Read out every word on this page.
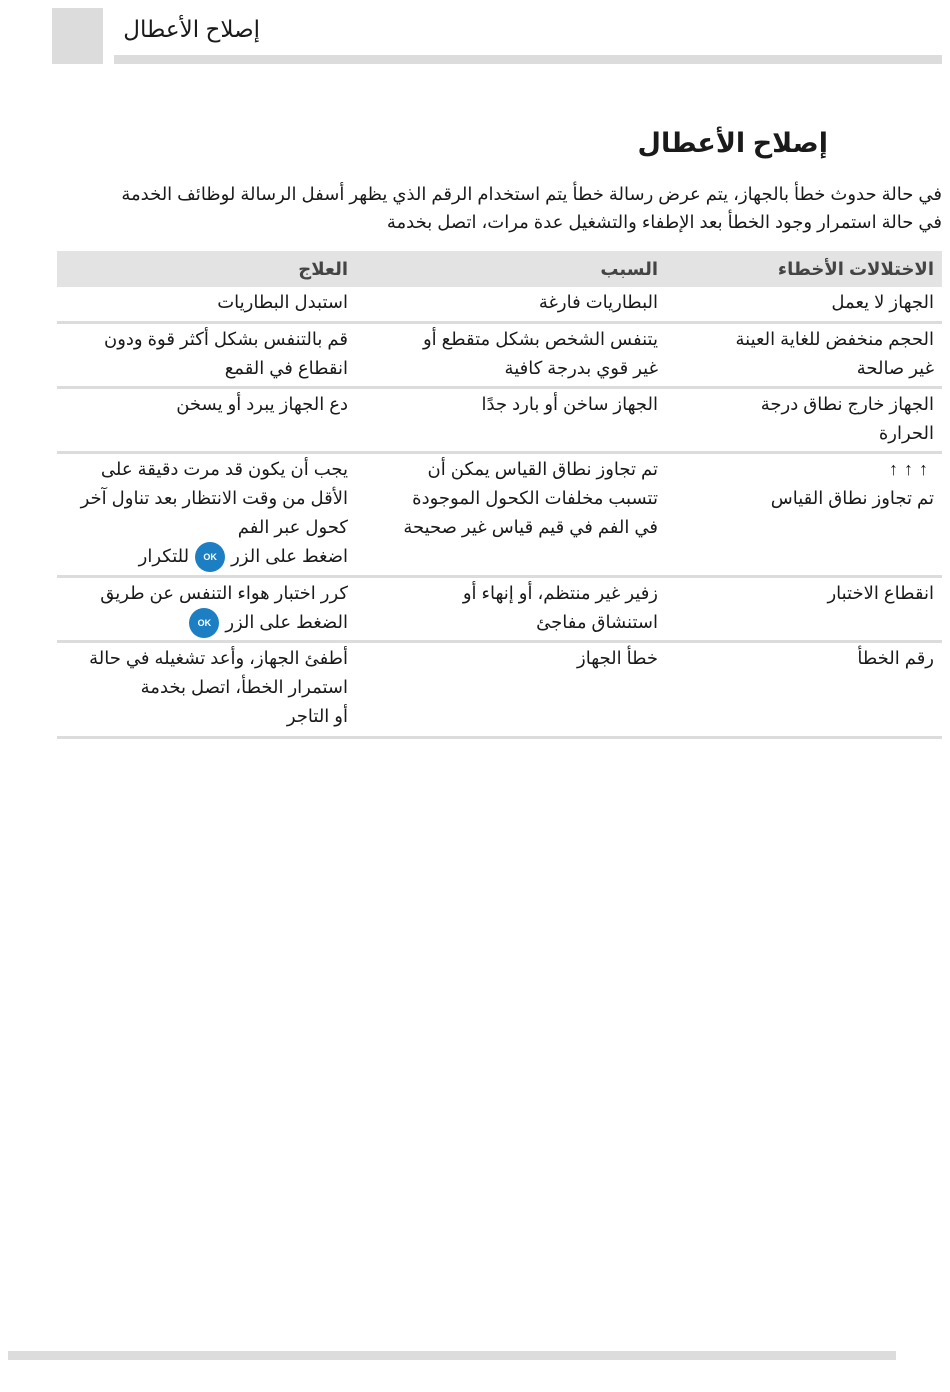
إصلاح الأعطال
إصلاح الأعطال
في حالة حدوث خطأ بالجهاز، يتم عرض رسالة خطأ يتم استخدام الرقم الذي يظهر أسفل الرسالة لوظائف الخدمة
في حالة استمرار وجود الخطأ بعد الإطفاء والتشغيل عدة مرات، اتصل بخدمة
الاختلالات الأخطاء
السبب
العلاج
الجهاز لا يعمل
البطاريات فارغة
استبدل البطاريات
الحجم منخفض للغاية العينة
غير صالحة
يتنفس الشخص بشكل متقطع أو
غير قوي بدرجة كافية
قم بالتنفس بشكل أكثر قوة ودون
انقطاع في القمع
الجهاز خارج نطاق درجة
الحرارة
الجهاز ساخن أو بارد جدًا
دع الجهاز يبرد أو يسخن
↑↑↑
تم تجاوز نطاق القياس
تم تجاوز نطاق القياس يمكن أن
تتسبب مخلفات الكحول الموجودة
في الفم في قيم قياس غير صحيحة
يجب أن يكون قد مرت دقيقة على
الأقل من وقت الانتظار بعد تناول آخر
كحول عبر الفم
اضغط على الزرOKللتكرار
انقطاع الاختبار
زفير غير منتظم، أو إنهاء أو
استنشاق مفاجئ
كرر اختبار هواء التنفس عن طريق
الضغط على الزرOK
رقم الخطأ
خطأ الجهاز
أطفئ الجهاز، وأعد تشغيله في حالة
استمرار الخطأ، اتصل بخدمة
أو التاجر
